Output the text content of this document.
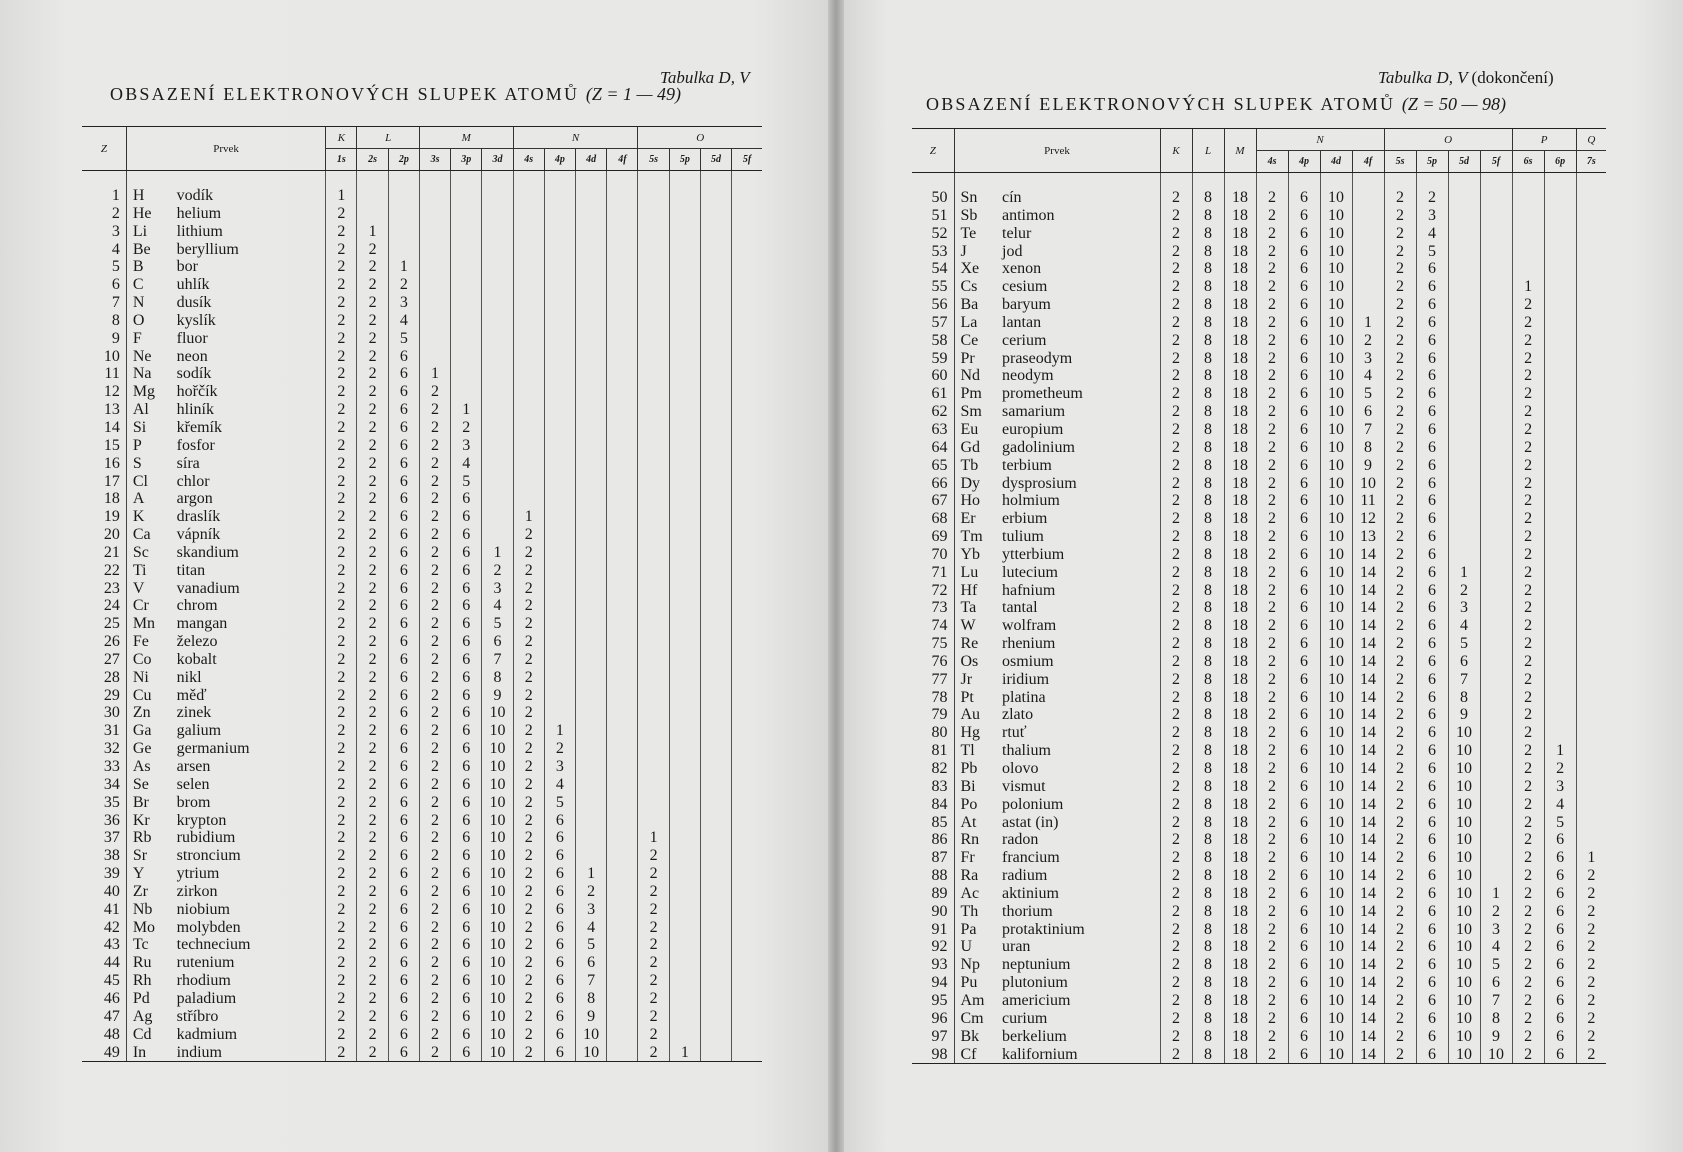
Tabulka D, V
OBSAZENÍ ELEKTRONOVÝCH SLUPEK ATOMŮ (Z = 1 — 49)
Z	Prvek		K	L		M			N				O			
			1s	2s	2p	3s	3p	3d	4s	4p	4d	4f	5s	5p	5d	5f

1	H	vodík	1													
2	He	helium	2													
3	Li	lithium	2	1												
4	Be	beryllium	2	2												
5	B	bor	2	2	1											
6	C	uhlík	2	2	2											
7	N	dusík	2	2	3											
8	O	kyslík	2	2	4											
9	F	fluor	2	2	5											
10	Ne	neon	2	2	6											
11	Na	sodík	2	2	6	1										
12	Mg	hořčík	2	2	6	2										
13	Al	hliník	2	2	6	2	1									
14	Si	křemík	2	2	6	2	2									
15	P	fosfor	2	2	6	2	3									
16	S	síra	2	2	6	2	4									
17	Cl	chlor	2	2	6	2	5									
18	A	argon	2	2	6	2	6									
19	K	draslík	2	2	6	2	6		1							
20	Ca	vápník	2	2	6	2	6		2							
21	Sc	skandium	2	2	6	2	6	1	2							
22	Ti	titan	2	2	6	2	6	2	2							
23	V	vanadium	2	2	6	2	6	3	2							
24	Cr	chrom	2	2	6	2	6	4	2							
25	Mn	mangan	2	2	6	2	6	5	2							
26	Fe	železo	2	2	6	2	6	6	2							
27	Co	kobalt	2	2	6	2	6	7	2							
28	Ni	nikl	2	2	6	2	6	8	2							
29	Cu	měď	2	2	6	2	6	9	2							
30	Zn	zinek	2	2	6	2	6	10	2							
31	Ga	galium	2	2	6	2	6	10	2	1						
32	Ge	germanium	2	2	6	2	6	10	2	2						
33	As	arsen	2	2	6	2	6	10	2	3						
34	Se	selen	2	2	6	2	6	10	2	4						
35	Br	brom	2	2	6	2	6	10	2	5						
36	Kr	krypton	2	2	6	2	6	10	2	6						
37	Rb	rubidium	2	2	6	2	6	10	2	6			1			
38	Sr	stroncium	2	2	6	2	6	10	2	6			2			
39	Y	ytrium	2	2	6	2	6	10	2	6	1		2			
40	Zr	zirkon	2	2	6	2	6	10	2	6	2		2			
41	Nb	niobium	2	2	6	2	6	10	2	6	3		2			
42	Mo	molybden	2	2	6	2	6	10	2	6	4		2			
43	Tc	technecium	2	2	6	2	6	10	2	6	5		2			
44	Ru	rutenium	2	2	6	2	6	10	2	6	6		2			
45	Rh	rhodium	2	2	6	2	6	10	2	6	7		2			
46	Pd	paladium	2	2	6	2	6	10	2	6	8		2			
47	Ag	stříbro	2	2	6	2	6	10	2	6	9		2			
48	Cd	kadmium	2	2	6	2	6	10	2	6	10		2			
49	In	indium	2	2	6	2	6	10	2	6	10		2	1		
Tabulka D, V (dokončení)
OBSAZENÍ ELEKTRONOVÝCH SLUPEK ATOMŮ (Z = 50 — 98)
Z	Prvek		K	L	M	N				O				P		Q
						4s	4p	4d	4f	5s	5p	5d	5f	6s	6p	7s

50	Sn	cín	2	8	18	2	6	10		2	2					
51	Sb	antimon	2	8	18	2	6	10		2	3					
52	Te	telur	2	8	18	2	6	10		2	4					
53	J	jod	2	8	18	2	6	10		2	5					
54	Xe	xenon	2	8	18	2	6	10		2	6					
55	Cs	cesium	2	8	18	2	6	10		2	6			1		
56	Ba	baryum	2	8	18	2	6	10		2	6			2		
57	La	lantan	2	8	18	2	6	10	1	2	6			2		
58	Ce	cerium	2	8	18	2	6	10	2	2	6			2		
59	Pr	praseodym	2	8	18	2	6	10	3	2	6			2		
60	Nd	neodym	2	8	18	2	6	10	4	2	6			2		
61	Pm	prometheum	2	8	18	2	6	10	5	2	6			2		
62	Sm	samarium	2	8	18	2	6	10	6	2	6			2		
63	Eu	europium	2	8	18	2	6	10	7	2	6			2		
64	Gd	gadolinium	2	8	18	2	6	10	8	2	6			2		
65	Tb	terbium	2	8	18	2	6	10	9	2	6			2		
66	Dy	dysprosium	2	8	18	2	6	10	10	2	6			2		
67	Ho	holmium	2	8	18	2	6	10	11	2	6			2		
68	Er	erbium	2	8	18	2	6	10	12	2	6			2		
69	Tm	tulium	2	8	18	2	6	10	13	2	6			2		
70	Yb	ytterbium	2	8	18	2	6	10	14	2	6			2		
71	Lu	lutecium	2	8	18	2	6	10	14	2	6	1		2		
72	Hf	hafnium	2	8	18	2	6	10	14	2	6	2		2		
73	Ta	tantal	2	8	18	2	6	10	14	2	6	3		2		
74	W	wolfram	2	8	18	2	6	10	14	2	6	4		2		
75	Re	rhenium	2	8	18	2	6	10	14	2	6	5		2		
76	Os	osmium	2	8	18	2	6	10	14	2	6	6		2		
77	Jr	iridium	2	8	18	2	6	10	14	2	6	7		2		
78	Pt	platina	2	8	18	2	6	10	14	2	6	8		2		
79	Au	zlato	2	8	18	2	6	10	14	2	6	9		2		
80	Hg	rtuť	2	8	18	2	6	10	14	2	6	10		2		
81	Tl	thalium	2	8	18	2	6	10	14	2	6	10		2	1	
82	Pb	olovo	2	8	18	2	6	10	14	2	6	10		2	2	
83	Bi	vismut	2	8	18	2	6	10	14	2	6	10		2	3	
84	Po	polonium	2	8	18	2	6	10	14	2	6	10		2	4	
85	At	astat (in)	2	8	18	2	6	10	14	2	6	10		2	5	
86	Rn	radon	2	8	18	2	6	10	14	2	6	10		2	6	
87	Fr	francium	2	8	18	2	6	10	14	2	6	10		2	6	1
88	Ra	radium	2	8	18	2	6	10	14	2	6	10		2	6	2
89	Ac	aktinium	2	8	18	2	6	10	14	2	6	10	1	2	6	2
90	Th	thorium	2	8	18	2	6	10	14	2	6	10	2	2	6	2
91	Pa	protaktinium	2	8	18	2	6	10	14	2	6	10	3	2	6	2
92	U	uran	2	8	18	2	6	10	14	2	6	10	4	2	6	2
93	Np	neptunium	2	8	18	2	6	10	14	2	6	10	5	2	6	2
94	Pu	plutonium	2	8	18	2	6	10	14	2	6	10	6	2	6	2
95	Am	americium	2	8	18	2	6	10	14	2	6	10	7	2	6	2
96	Cm	curium	2	8	18	2	6	10	14	2	6	10	8	2	6	2
97	Bk	berkelium	2	8	18	2	6	10	14	2	6	10	9	2	6	2
98	Cf	kalifornium	2	8	18	2	6	10	14	2	6	10	10	2	6	2
